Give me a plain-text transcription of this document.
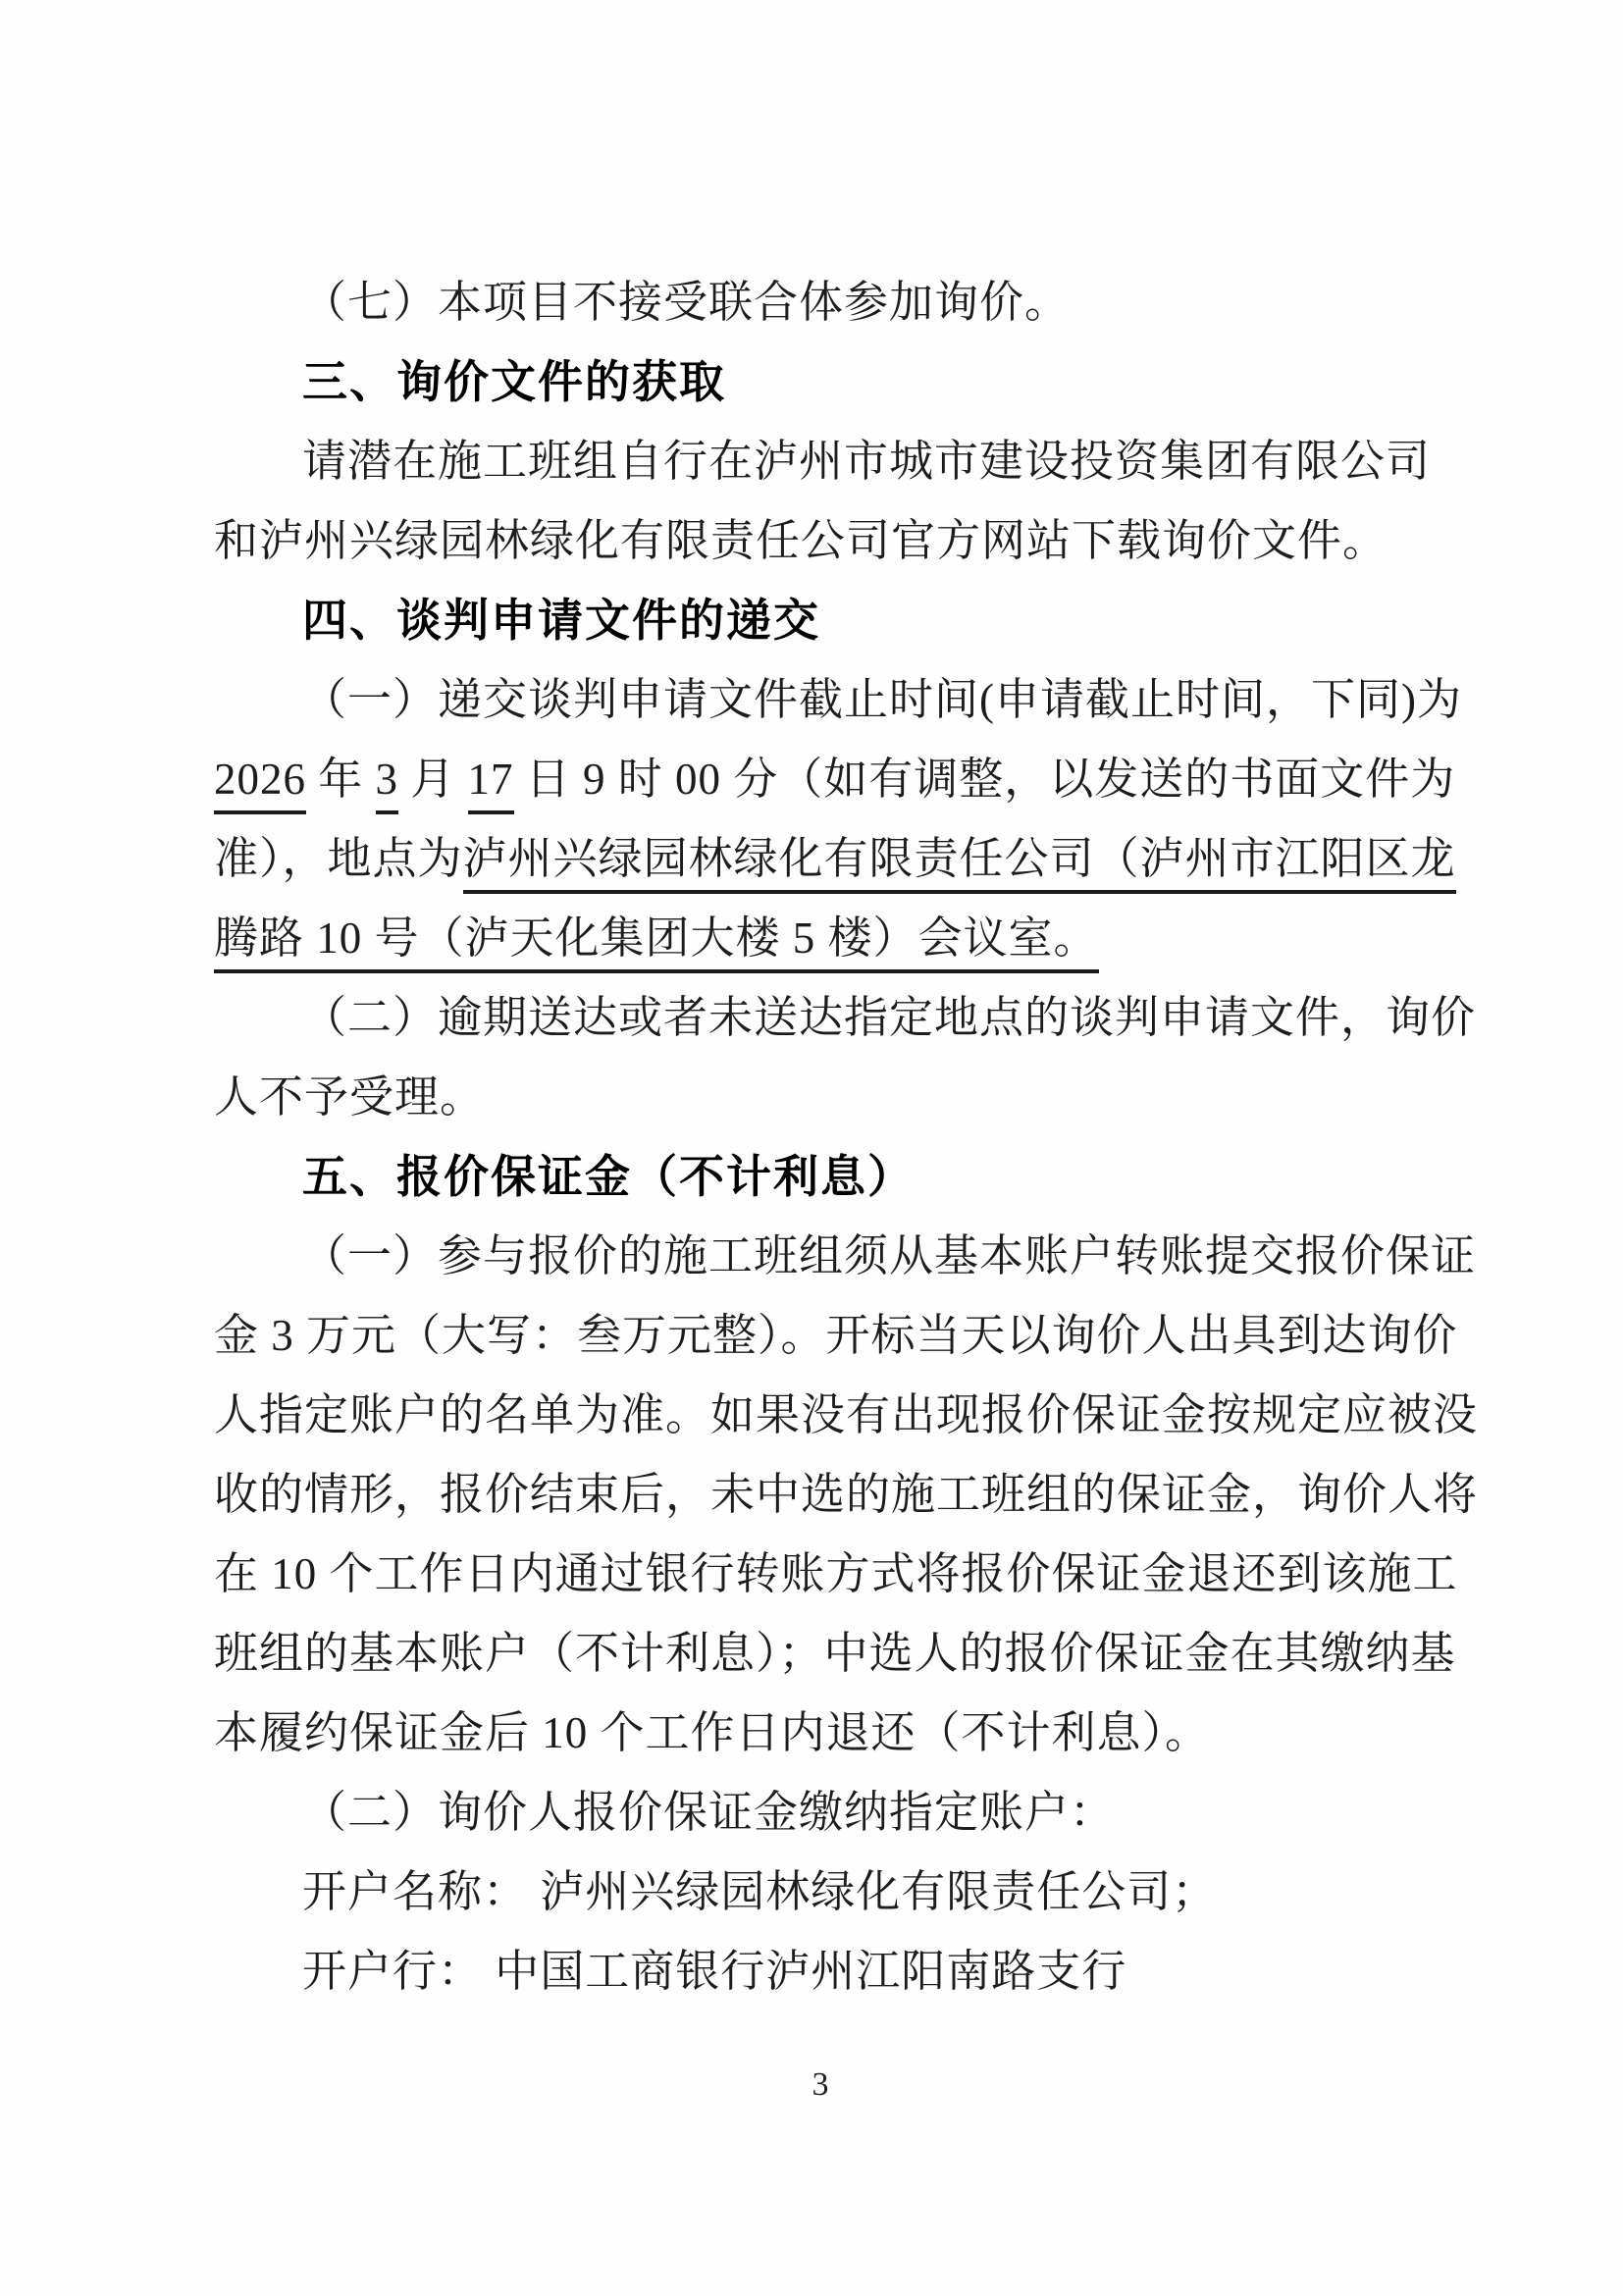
（七）本项目不接受联合体参加询价。
三、询价文件的获取
请潜在施工班组自行在泸州市城市建设投资集团有限公司
和泸州兴绿园林绿化有限责任公司官方网站下载询价文件。
四、谈判申请文件的递交
（一）递交谈判申请文件截止时间(申请截止时间，下同)为
2026 年 3 月 17 日 9 时 00 分（如有调整，以发送的书面文件为
准），地点为泸州兴绿园林绿化有限责任公司（泸州市江阳区龙
腾路 10 号（泸天化集团大楼 5 楼）会议室。
（二）逾期送达或者未送达指定地点的谈判申请文件，询价
人不予受理。
五、报价保证金（不计利息）
（一）参与报价的施工班组须从基本账户转账提交报价保证
金 3 万元（大写：叁万元整）。开标当天以询价人出具到达询价
人指定账户的名单为准。如果没有出现报价保证金按规定应被没
收的情形，报价结束后，未中选的施工班组的保证金，询价人将
在 10 个工作日内通过银行转账方式将报价保证金退还到该施工
班组的基本账户（不计利息）；中选人的报价保证金在其缴纳基
本履约保证金后 10 个工作日内退还（不计利息）。
（二）询价人报价保证金缴纳指定账户：
开户名称： 泸州兴绿园林绿化有限责任公司；
开户行： 中国工商银行泸州江阳南路支行
3
